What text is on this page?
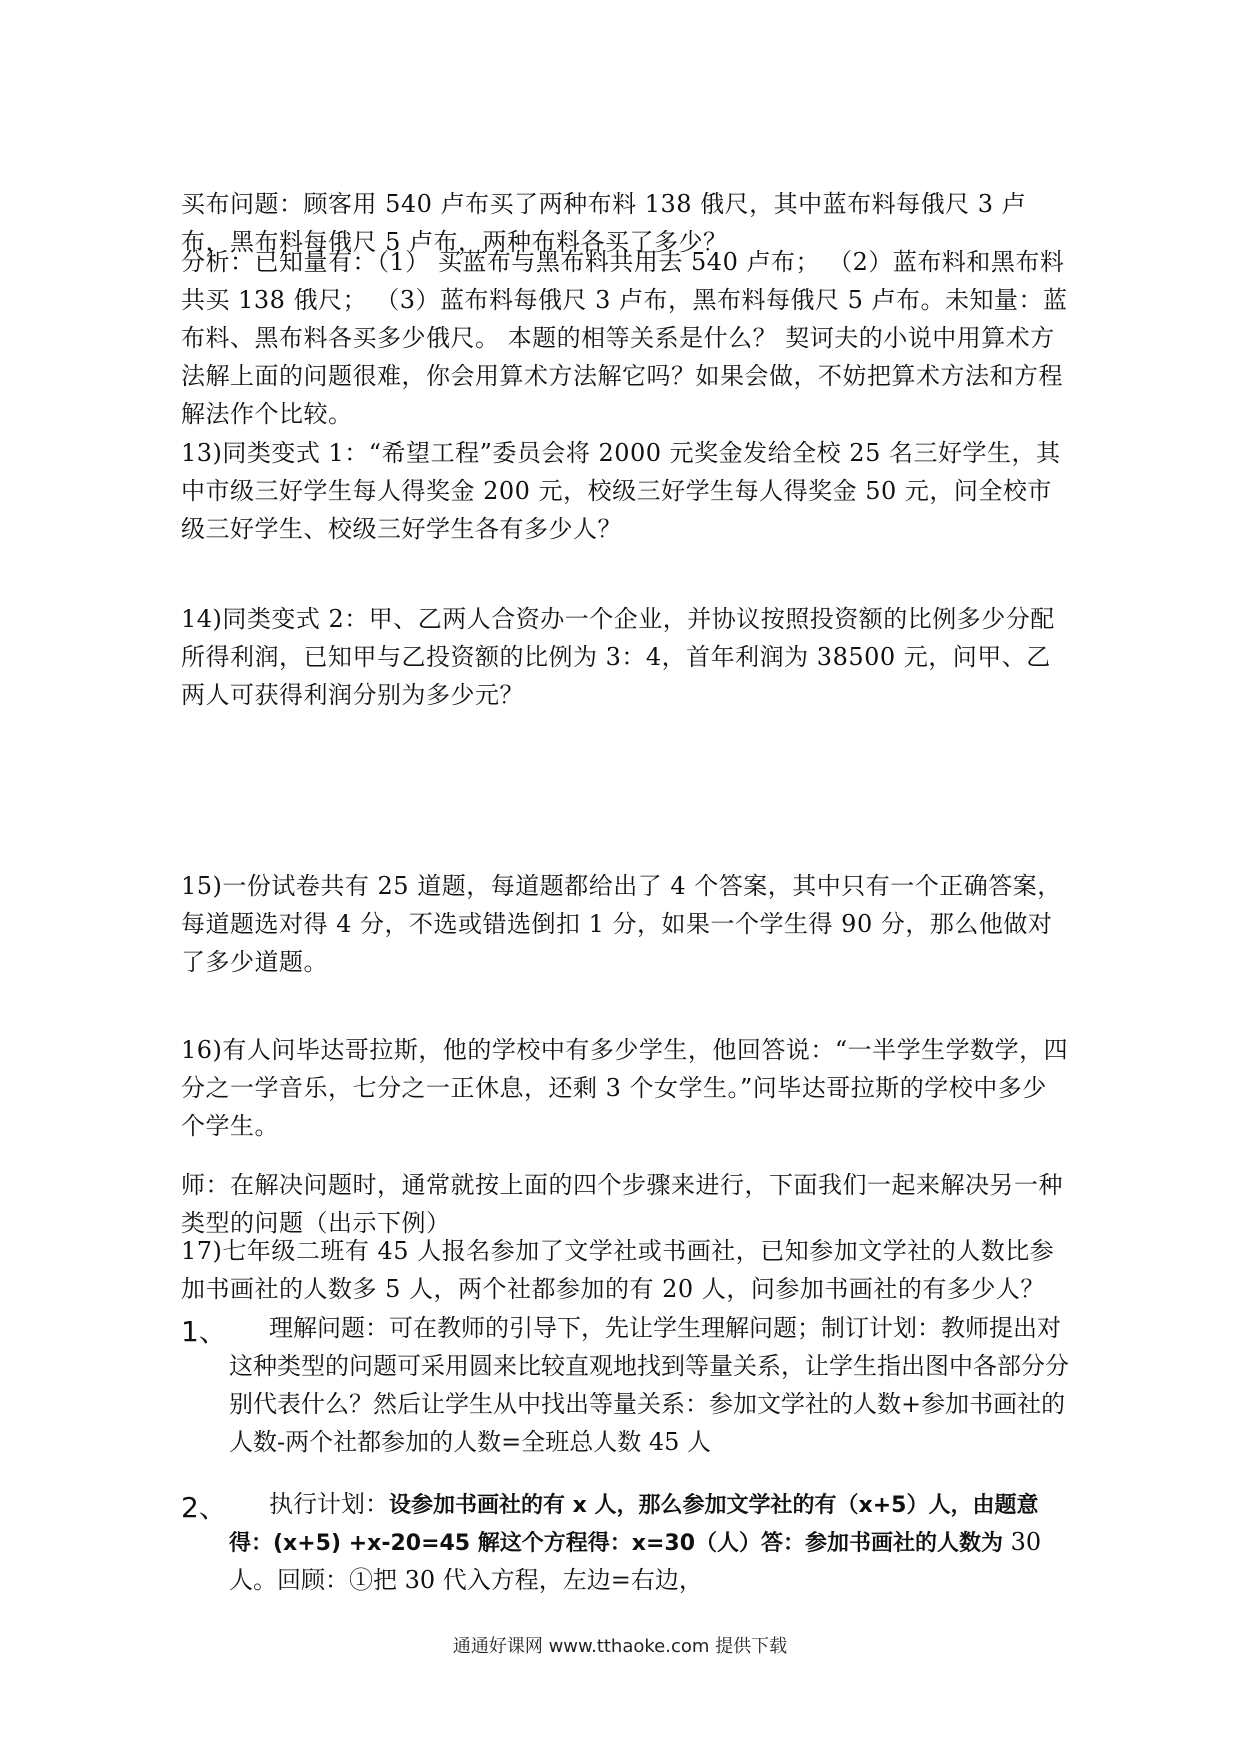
买布问题：顾客用 540 卢布买了两种布料 138 俄尺，其中蓝布料每俄尺 3 卢布，黑布料每俄尺 5 卢布，两种布料各买了多少？

分析：已知量有：（1） 买蓝布与黑布料共用去 540 卢布； （2）蓝布料和黑布料共买 138 俄尺； （3）蓝布料每俄尺 3 卢布，黑布料每俄尺 5 卢布。未知量：蓝布料、黑布料各买多少俄尺。 本题的相等关系是什么？ 契诃夫的小说中用算术方法解上面的问题很难，你会用算术方法解它吗？如果会做，不妨把算术方法和方程解法作个比较。

13)同类变式 1：“希望工程”委员会将 2000 元奖金发给全校 25 名三好学生，其中市级三好学生每人得奖金 200 元，校级三好学生每人得奖金 50 元，问全校市级三好学生、校级三好学生各有多少人？

14)同类变式 2：甲、乙两人合资办一个企业，并协议按照投资额的比例多少分配所得利润，已知甲与乙投资额的比例为 3：4，首年利润为 38500 元，问甲、乙两人可获得利润分别为多少元？

15)一份试卷共有 25 道题，每道题都给出了 4 个答案，其中只有一个正确答案，每道题选对得 4 分，不选或错选倒扣 1 分，如果一个学生得 90 分，那么他做对了多少道题。

16)有人问毕达哥拉斯，他的学校中有多少学生，他回答说：“一半学生学数学，四分之一学音乐，七分之一正休息，还剩 3 个女学生。”问毕达哥拉斯的学校中多少个学生。

师：在解决问题时，通常就按上面的四个步骤来进行，下面我们一起来解决另一种类型的问题（出示下例）

17)七年级二班有 45 人报名参加了文学社或书画社，已知参加文学社的人数比参加书画社的人数多 5 人，两个社都参加的有 20 人，问参加书画社的有多少人？

1、	理解问题：可在教师的引导下，先让学生理解问题；制订计划：教师提出对这种类型的问题可采用圆来比较直观地找到等量关系，让学生指出图中各部分分别代表什么？然后让学生从中找出等量关系：参加文学社的人数+参加书画社的人数-两个社都参加的人数=全班总人数 45 人
2、	执行计划：设参加书画社的有 x 人，那么参加文学社的有（x+5）人，由题意得：(x+5) +x-20=45 解这个方程得：x=30（人）答：参加书画社的人数为 30 人。回顾：①把 30 代入方程，左边=右边，
通通好课网 www.tthaoke.com 提供下载
